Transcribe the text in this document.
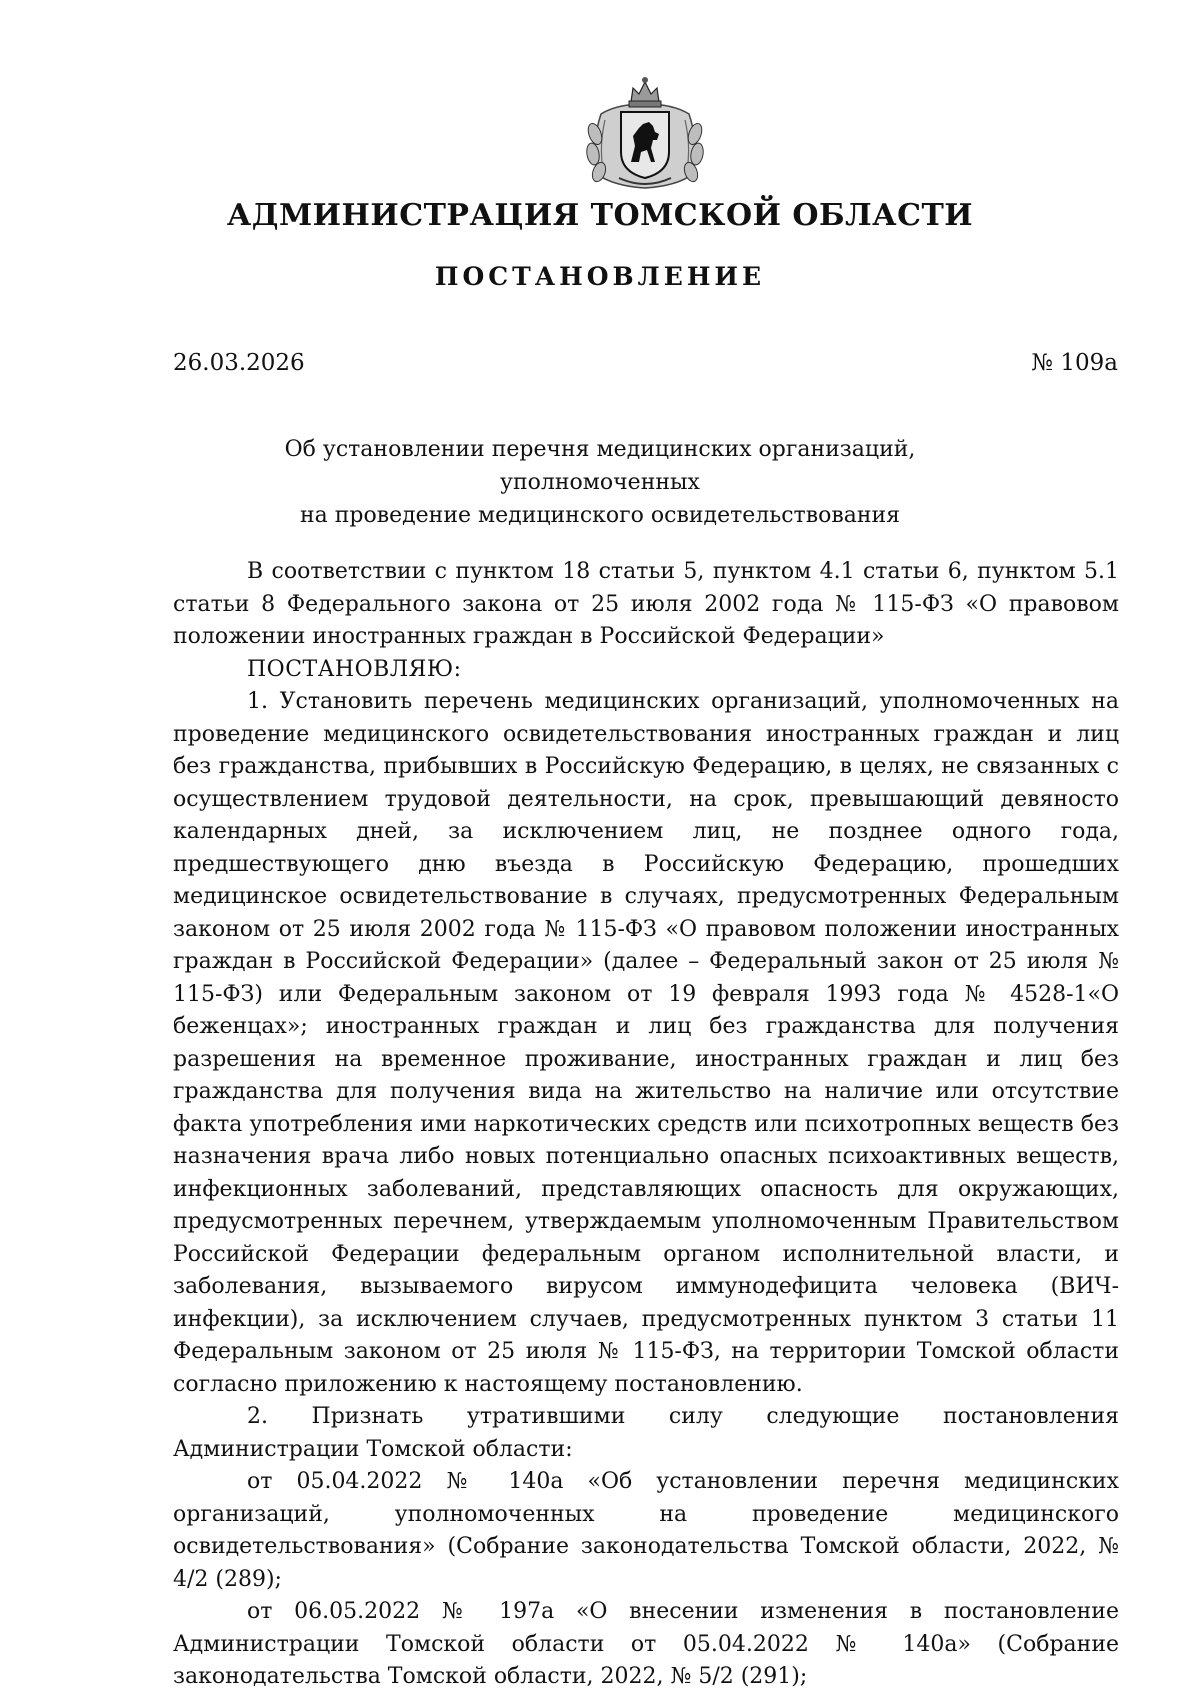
АДМИНИСТРАЦИЯ ТОМСКОЙ ОБЛАСТИ
ПОСТАНОВЛЕНИЕ
26.03.2026	№ 109а
Об установлении перечня медицинских организаций, уполномоченных
на проведение медицинского освидетельствования

В соответствии с пунктом 18 статьи 5, пунктом 4.1 статьи 6, пунктом 5.1 статьи 8 Федерального закона от 25 июля 2002 года № 115-ФЗ «О правовом положении иностранных граждан в Российской Федерации»

ПОСТАНОВЛЯЮ:

1. Установить перечень медицинских организаций, уполномоченных на проведение медицинского освидетельствования иностранных граждан и лиц без гражданства, прибывших в Российскую Федерацию, в целях, не связанных с осуществлением трудовой деятельности, на срок, превышающий девяносто календарных дней, за исключением лиц, не позднее одного года, предшествующего дню въезда в Российскую Федерацию, прошедших медицинское освидетельствование в случаях, предусмотренных Федеральным законом от 25 июля 2002 года № 115-ФЗ «О правовом положении иностранных граждан в Российской Федерации» (далее – Федеральный закон от 25 июля № 115-ФЗ) или Федеральным законом от 19 февраля 1993 года № 4528-1«О беженцах»; иностранных граждан и лиц без гражданства для получения разрешения на временное проживание, иностранных граждан и лиц без гражданства для получения вида на жительство на наличие или отсутствие факта употребления ими наркотических средств или психотропных веществ без назначения врача либо новых потенциально опасных психоактивных веществ, инфекционных заболеваний, представляющих опасность для окружающих, предусмотренных перечнем, утверждаемым уполномоченным Правительством Российской Федерации федеральным органом исполнительной власти, и заболевания, вызываемого вирусом иммунодефицита человека (ВИЧ-инфекции), за исключением случаев, предусмотренных пунктом 3 статьи 11 Федеральным законом от 25 июля № 115-ФЗ, на территории Томской области согласно приложению к настоящему постановлению.

2. Признать утратившими силу следующие постановления Администрации Томской области:

от 05.04.2022 № 140а «Об установлении перечня медицинских организаций, уполномоченных на проведение медицинского освидетельствования» (Собрание законодательства Томской области, 2022, № 4/2 (289);

от 06.05.2022 № 197а «О внесении изменения в постановление Администрации Томской области от 05.04.2022 № 140а» (Собрание законодательства Томской области, 2022, № 5/2 (291);
